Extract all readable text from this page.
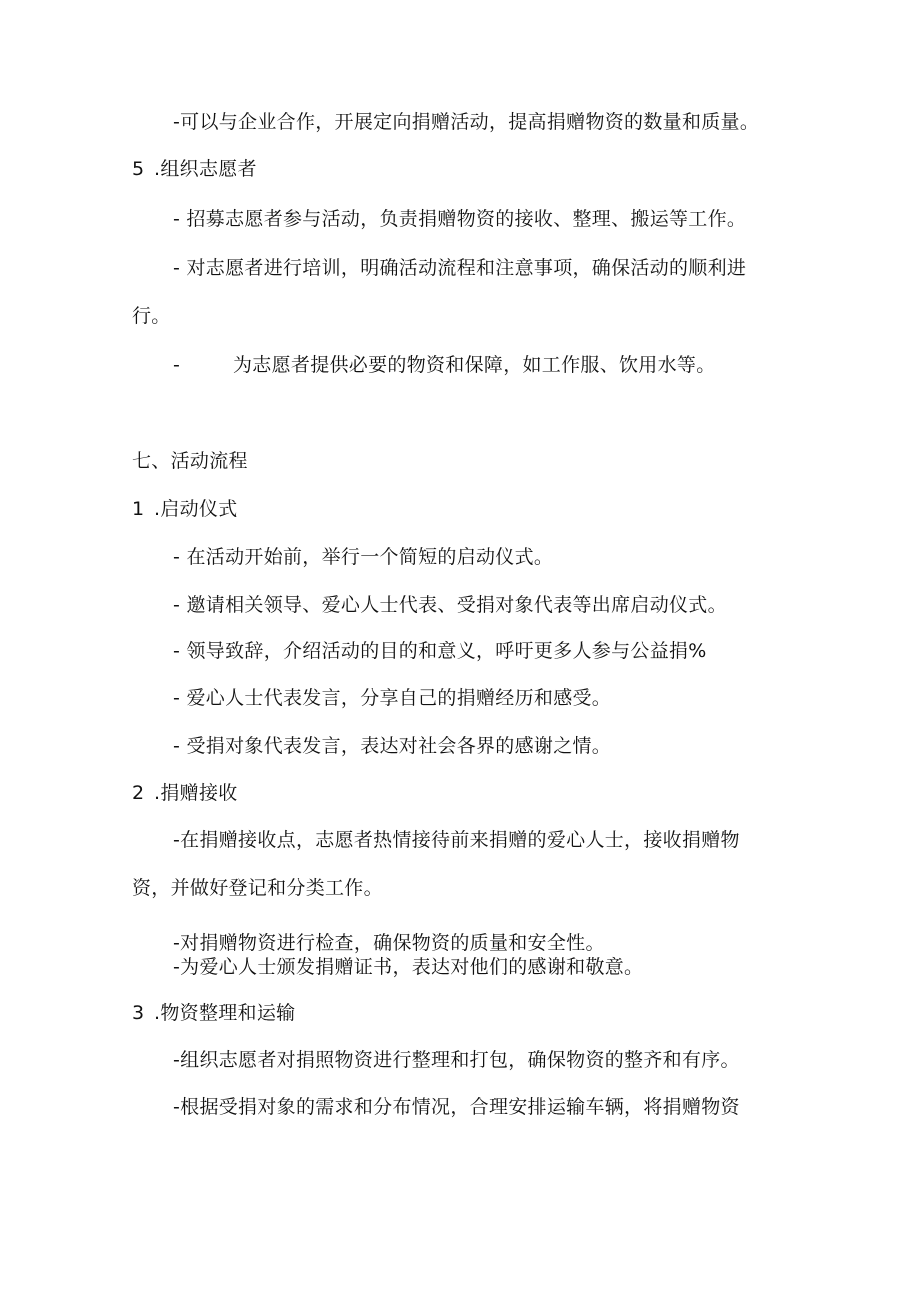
-可以与企业合作，开展定向捐赠活动，提高捐赠物资的数量和质量。
5 .组织志愿者
- 招募志愿者参与活动，负责捐赠物资的接收、整理、搬运等工作。
- 对志愿者进行培训，明确活动流程和注意事项，确保活动的顺利进
行。
-	为志愿者提供必要的物资和保障，如工作服、饮用水等。
七、活动流程
1 .启动仪式
- 在活动开始前，举行一个简短的启动仪式。
- 邀请相关领导、爱心人士代表、受捐对象代表等出席启动仪式。
- 领导致辞，介绍活动的目的和意义，呼吁更多人参与公益捐%
- 爱心人士代表发言，分享自己的捐赠经历和感受。
- 受捐对象代表发言，表达对社会各界的感谢之情。
2 .捐赠接收
-在捐赠接收点，志愿者热情接待前来捐赠的爱心人士，接收捐赠物
资，并做好登记和分类工作。
-对捐赠物资进行检查，确保物资的质量和安全性。
-为爱心人士颁发捐赠证书，表达对他们的感谢和敬意。
3 .物资整理和运输
-组织志愿者对捐照物资进行整理和打包，确保物资的整齐和有序。
-根据受捐对象的需求和分布情况，合理安排运输车辆，将捐赠物资
